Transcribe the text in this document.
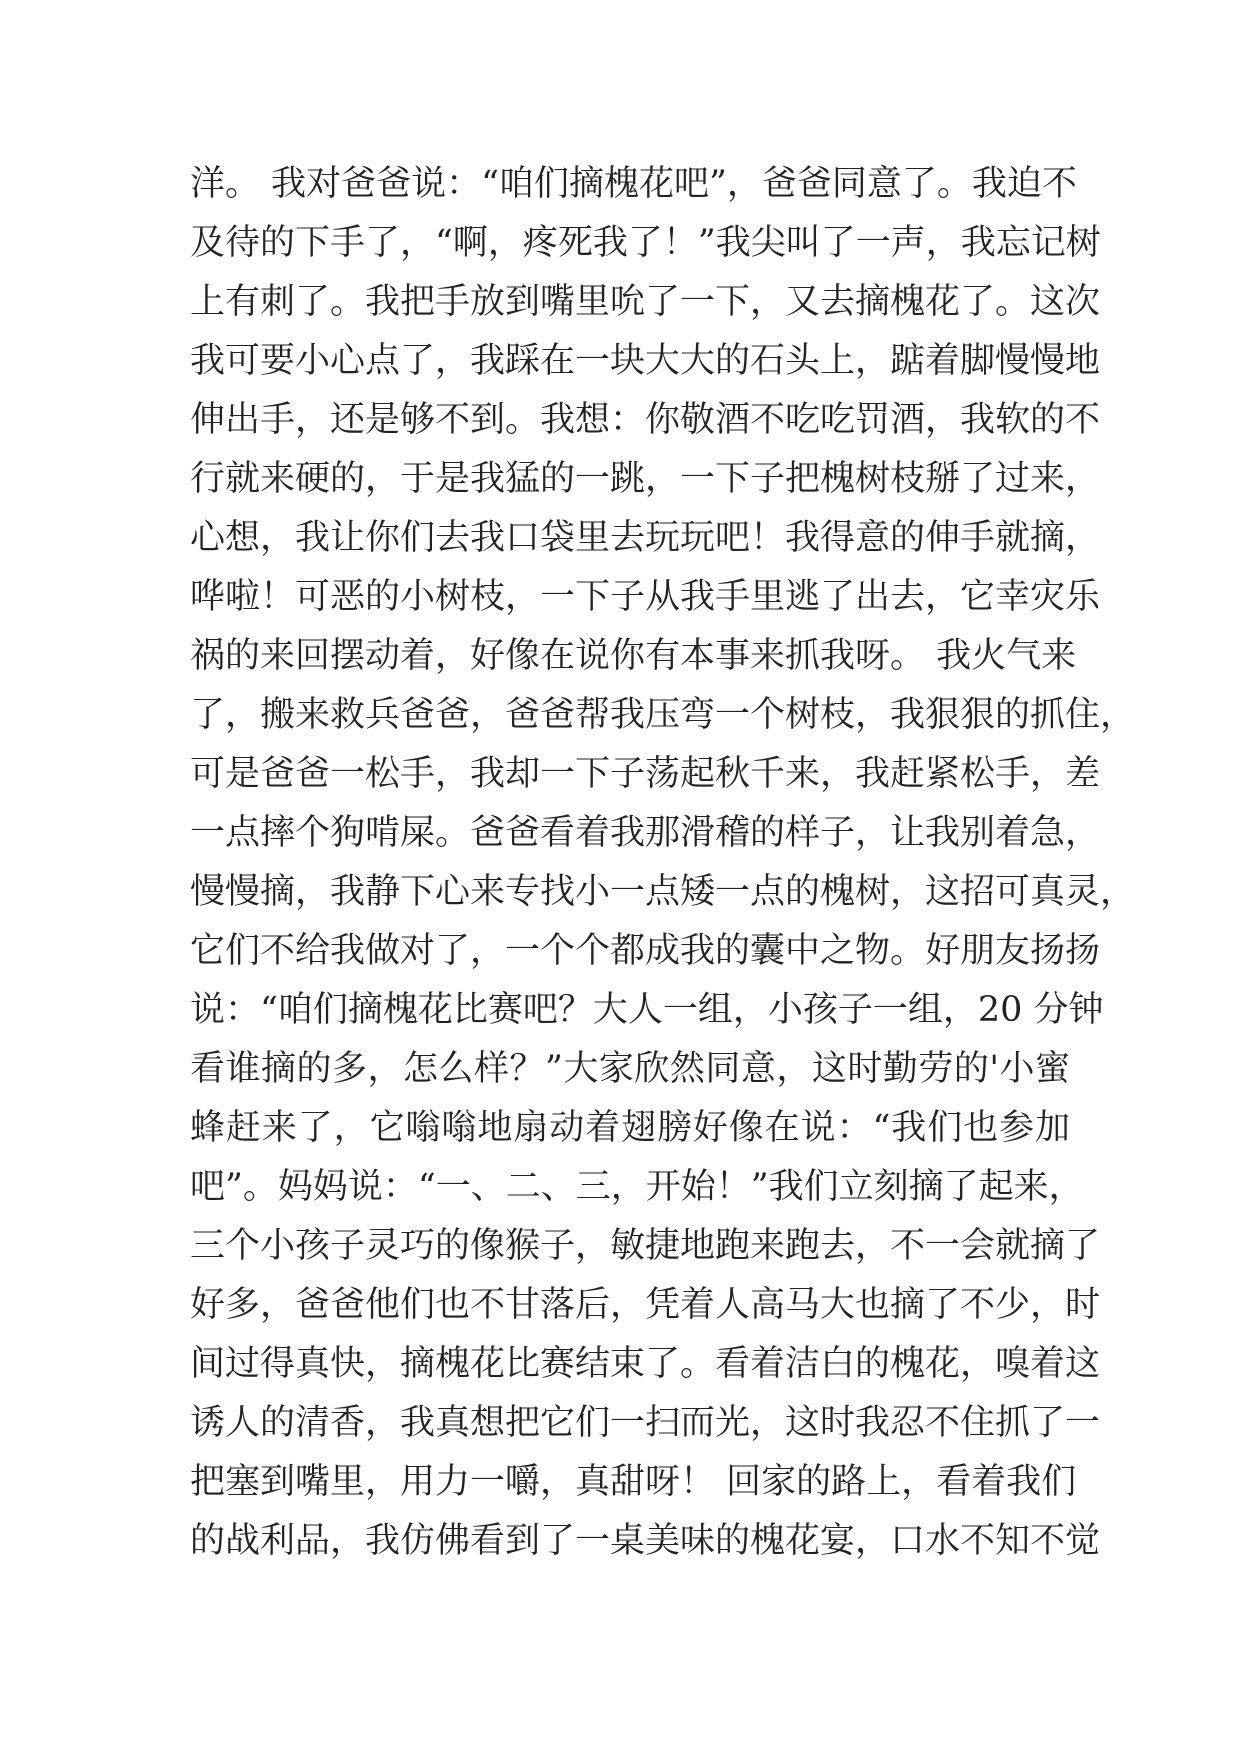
洋。 我对爸爸说：“咱们摘槐花吧”，爸爸同意了。我迫不
及待的下手了，“啊，疼死我了！”我尖叫了一声，我忘记树
上有刺了。我把手放到嘴里吮了一下，又去摘槐花了。这次
我可要小心点了，我踩在一块大大的石头上，踮着脚慢慢地
伸出手，还是够不到。我想：你敬酒不吃吃罚酒，我软的不
行就来硬的，于是我猛的一跳，一下子把槐树枝掰了过来，
心想，我让你们去我口袋里去玩玩吧！我得意的伸手就摘，
哗啦！可恶的小树枝，一下子从我手里逃了出去，它幸灾乐
祸的来回摆动着，好像在说你有本事来抓我呀。 我火气来
了，搬来救兵爸爸，爸爸帮我压弯一个树枝，我狠狠的抓住，
可是爸爸一松手，我却一下子荡起秋千来，我赶紧松手，差
一点摔个狗啃屎。爸爸看着我那滑稽的样子，让我别着急，
慢慢摘，我静下心来专找小一点矮一点的槐树，这招可真灵，
它们不给我做对了，一个个都成我的囊中之物。好朋友扬扬
说：“咱们摘槐花比赛吧？大人一组，小孩子一组，20 分钟
看谁摘的多，怎么样？”大家欣然同意，这时勤劳的'小蜜
蜂赶来了，它嗡嗡地扇动着翅膀好像在说：“我们也参加
吧”。妈妈说：“一、二、三，开始！”我们立刻摘了起来，
三个小孩子灵巧的像猴子，敏捷地跑来跑去，不一会就摘了
好多，爸爸他们也不甘落后，凭着人高马大也摘了不少，时
间过得真快，摘槐花比赛结束了。看着洁白的槐花，嗅着这
诱人的清香，我真想把它们一扫而光，这时我忍不住抓了一
把塞到嘴里，用力一嚼，真甜呀！ 回家的路上，看着我们
的战利品，我仿佛看到了一桌美味的槐花宴，口水不知不觉
